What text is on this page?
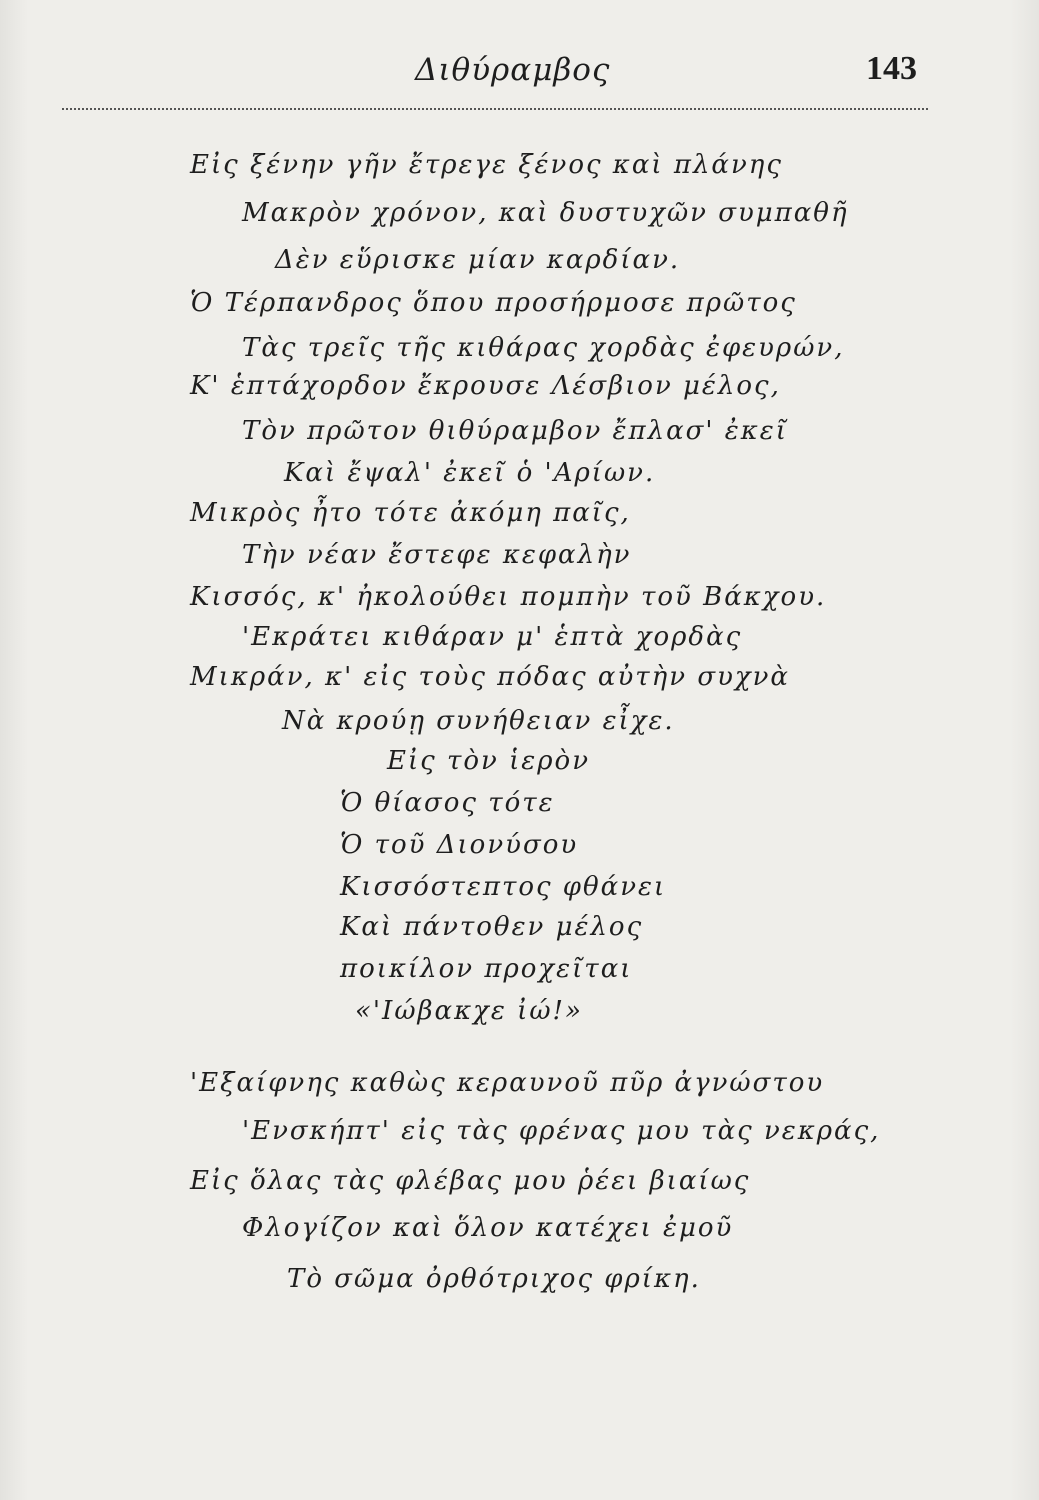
Διθύραμβος	143
Εἰς ξένην γῆν ἔτρεγε ξένος καὶ πλάνης
Μακρὸν χρόνον, καὶ δυστυχῶν συμπαθῆ
Δὲν εὕρισκε μίαν καρδίαν.
Ὁ Τέρπανδρος ὅπου προσήρμοσε πρῶτος
Τὰς τρεῖς τῆς κιθάρας χορδὰς ἐφευρών,
Κ' ἑπτάχορδον ἔκρουσε Λέσβιον μέλος,
Τὸν πρῶτον θιθύραμβον ἔπλασ' ἐκεῖ
Καὶ ἔψαλ' ἐκεῖ ὁ 'Αρίων.
Μικρὸς ἦτο τότε ἀκόμη παῖς,
Τὴν νέαν ἔστεφε κεφαλὴν
Κισσός, κ' ἠκολούθει πομπὴν τοῦ Βάκχου.
'Εκράτει κιθάραν μ' ἑπτὰ χορδὰς
Μικράν, κ' εἰς τοὺς πόδας αὐτὴν συχνὰ
Νὰ κρούῃ συνήθειαν εἶχε.
Εἰς τὸν ἱερὸν
Ὁ θίασος τότε
Ὁ τοῦ Διονύσου
Κισσόστεπτος φθάνει
Καὶ πάντοθεν μέλος
ποικίλον προχεῖται
«'Ιώβακχε ἰώ!»
'Εξαίφνης καθὼς κεραυνοῦ πῦρ ἀγνώστου
'Ενσκήπτ' εἰς τὰς φρένας μου τὰς νεκράς,
Εἰς ὅλας τὰς φλέβας μου ῥέει βιαίως
Φλογίζον καὶ ὅλον κατέχει ἐμοῦ
Τὸ σῶμα ὀρθότριχος φρίκη.
